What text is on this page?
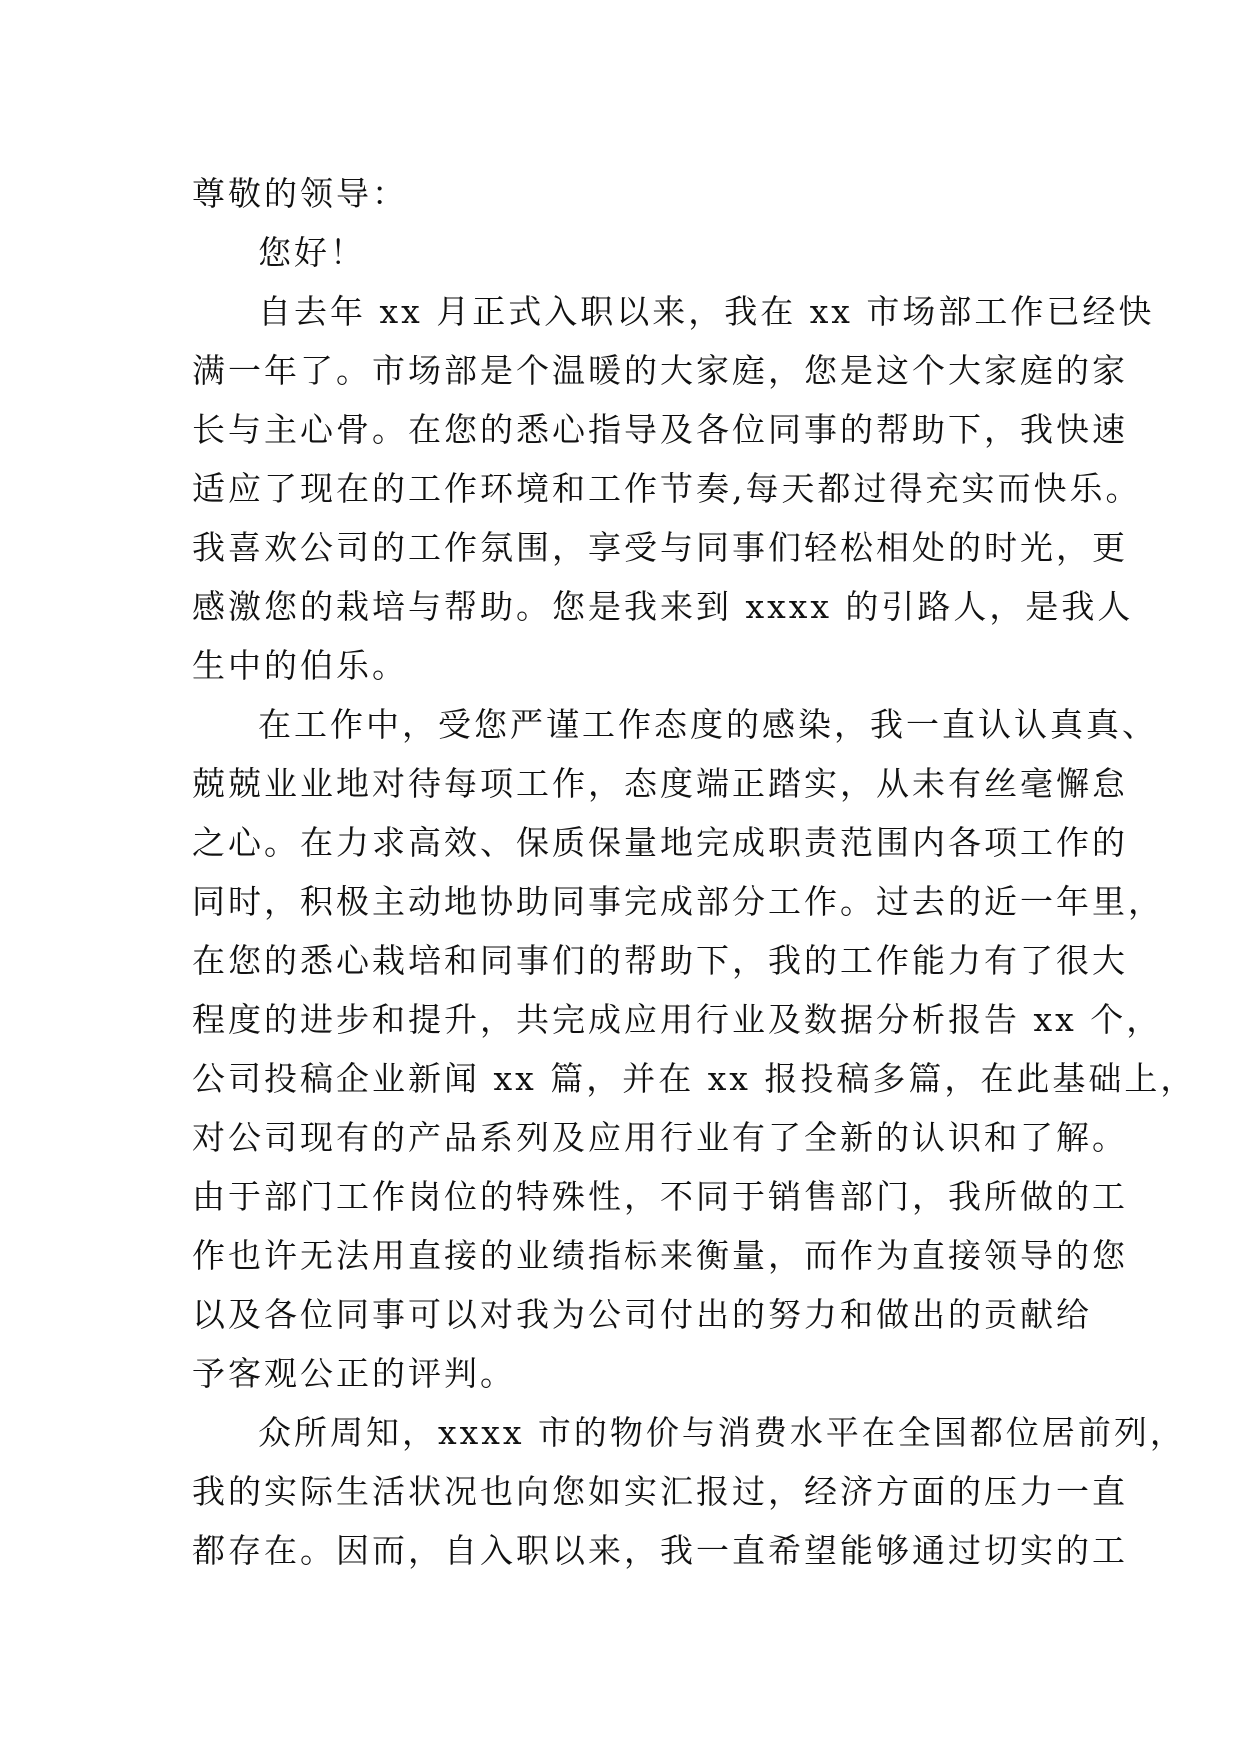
尊敬的领导：
您好！
自去年 xx 月正式入职以来，我在 xx 市场部工作已经快
满一年了。市场部是个温暖的大家庭，您是这个大家庭的家
长与主心骨。在您的悉心指导及各位同事的帮助下，我快速
适应了现在的工作环境和工作节奏,每天都过得充实而快乐。
我喜欢公司的工作氛围，享受与同事们轻松相处的时光，更
感激您的栽培与帮助。您是我来到 xxxx 的引路人，是我人
生中的伯乐。
在工作中，受您严谨工作态度的感染，我一直认认真真、
兢兢业业地对待每项工作，态度端正踏实，从未有丝毫懈怠
之心。在力求高效、保质保量地完成职责范围内各项工作的
同时，积极主动地协助同事完成部分工作。过去的近一年里，
在您的悉心栽培和同事们的帮助下，我的工作能力有了很大
程度的进步和提升，共完成应用行业及数据分析报告 xx 个，
公司投稿企业新闻 xx 篇，并在 xx 报投稿多篇，在此基础上，
对公司现有的产品系列及应用行业有了全新的认识和了解。
由于部门工作岗位的特殊性，不同于销售部门，我所做的工
作也许无法用直接的业绩指标来衡量，而作为直接领导的您
以及各位同事可以对我为公司付出的努力和做出的贡献给
予客观公正的评判。
众所周知，xxxx 市的物价与消费水平在全国都位居前列，
我的实际生活状况也向您如实汇报过，经济方面的压力一直
都存在。因而，自入职以来，我一直希望能够通过切实的工
